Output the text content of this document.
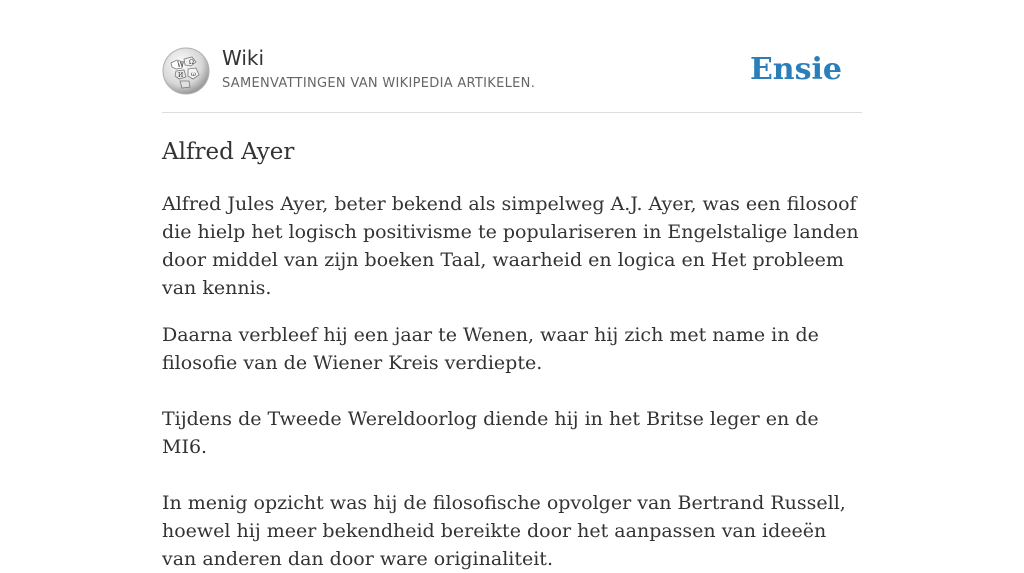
W Ω
И ω
Wiki
SAMENVATTINGEN VAN WIKIPEDIA ARTIKELEN.	Ensie
Alfred Ayer

Alfred Jules Ayer, beter bekend als simpelweg A.J. Ayer, was een filosoof die hielp het logisch positivisme te populariseren in Engelstalige landen door middel van zijn boeken Taal, waarheid en logica en Het probleem van kennis.

Daarna verbleef hij een jaar te Wenen, waar hij zich met name in de filosofie van de Wiener Kreis verdiepte.

Tijdens de Tweede Wereldoorlog diende hij in het Britse leger en de MI6.

In menig opzicht was hij de filosofische opvolger van Bertrand Russell, hoewel hij meer bekendheid bereikte door het aanpassen van ideeën van anderen dan door ware originaliteit.
